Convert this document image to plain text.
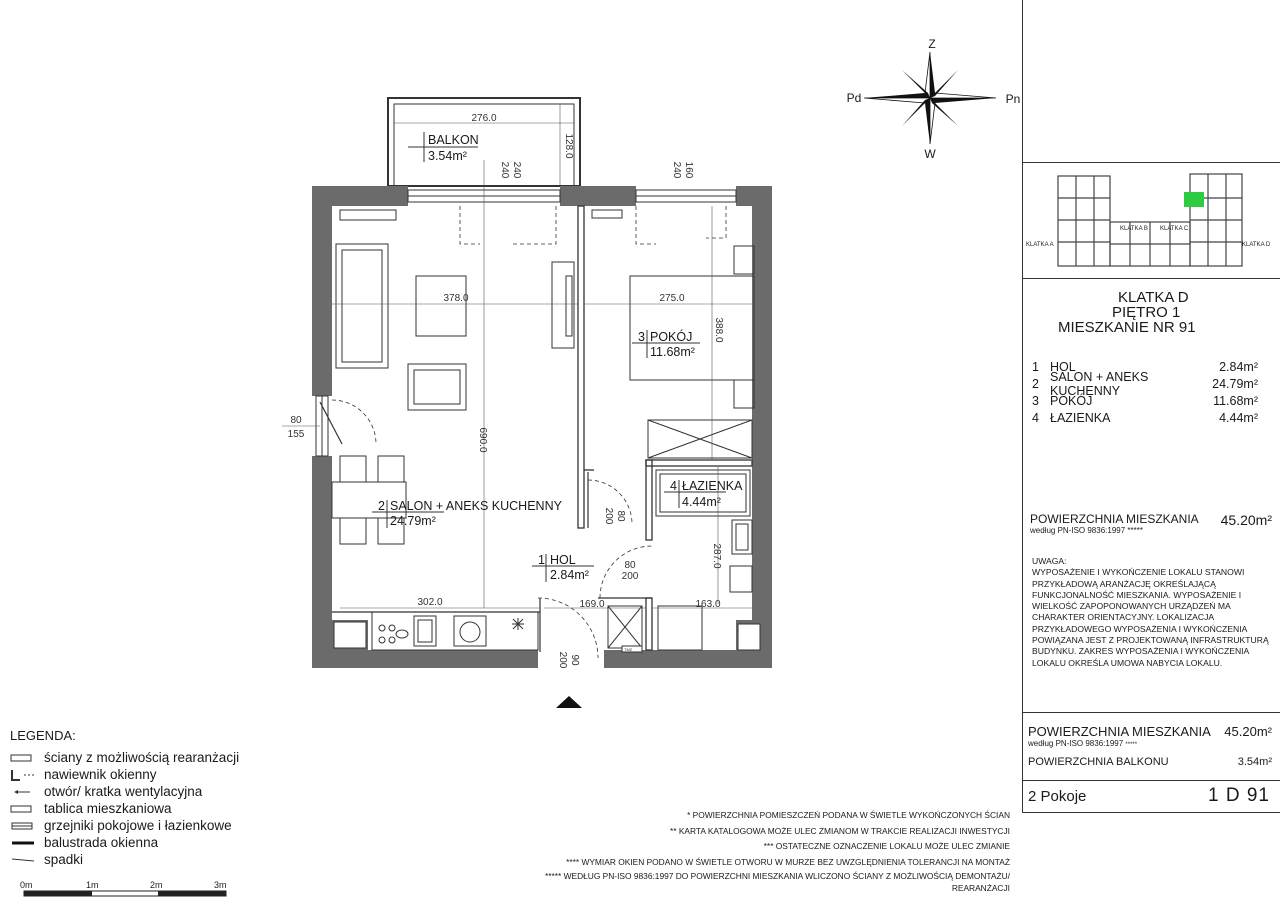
TMZ
276.0
128.0
240
240	160
240
378.0
690.0
275.0
388.0
80
155
80
200
80
200
90
200
302.0	169.0	163.0
287.0
BALKON
3.54m²
2 SALON + ANEKS KUCHENNY
24.79m²
3 POKÓJ
11.68m²
4 ŁAZIENKA
4.44m²
1 HOL
2.84m²
Z
W
Pd	Pn
KLATKA A
KLATKA B KLATKA C
KLATKA D
KLATKA D
PIĘTRO 1
MIESZKANIE NR 91
1 HOL	2.84m²
2 SALON + ANEKS KUCHENNY	24.79m²
3 POKÓJ	11.68m²
4 ŁAZIENKA	4.44m²
POWIERZCHNIA MIESZKANIA
według PN-ISO 9836:1997 *****
45.20m²
UWAGA:
WYPOSAŻENIE I WYKOŃCZENIE LOKALU STANOWI PRZYKŁADOWĄ ARANŻACJĘ OKREŚLAJĄCĄ FUNKCJONALNOŚĆ MIESZKANIA. WYPOSAŻENIE I WIELKOŚĆ ZAPOPONOWANYCH URZĄDZEŃ MA CHARAKTER ORIENTACYJNY. LOKALIZACJA PRZYKŁADOWEGO WYPOSAŻENIA I WYKOŃCZENIA POWIĄZANA JEST Z PROJEKTOWANĄ INFRASTRUKTURĄ BUDYNKU. ZAKRES WYPOSAŻENIA I WYKOŃCZENIA LOKALU OKREŚLA UMOWA NABYCIA LOKALU.
POWIERZCHNIA MIESZKANIA 45.20m²
według PN-ISO 9836:1997 *****
POWIERZCHNIA BALKONU	3.54m²
2 Pokoje	1 D 91
* POWIERZCHNIA POMIESZCZEŃ PODANA W ŚWIETLE WYKOŃCZONYCH ŚCIAN
** KARTA KATALOGOWA MOŻE ULEC ZMIANOM W TRAKCIE REALIZACJI INWESTYCJI
*** OSTATECZNE OZNACZENIE LOKALU MOŻE ULEC ZMIANIE
**** WYMIAR OKIEN PODANO W ŚWIETLE OTWORU W MURZE BEZ UWZGLĘDNIENIA TOLERANCJI NA MONTAŻ
***** WEDŁUG PN-ISO 9836:1997 DO POWIERZCHNI MIESZKANIA WLICZONO ŚCIANY Z MOŻLIWOŚCIĄ DEMONTAŻU/
REARANŻACJI
LEGENDA:
ściany z możliwością rearanżacji
nawiewnik okienny
otwór/ kratka wentylacyjna
tablica mieszkaniowa
grzejniki pokojowe i łazienkowe
balustrada okienna
spadki
0m	1m	2m	3m
